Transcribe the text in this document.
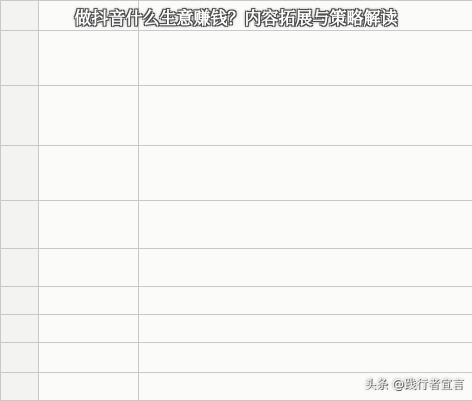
做抖音什么生意赚钱？内容拓展与策略解读
头条 @践行者宣言
